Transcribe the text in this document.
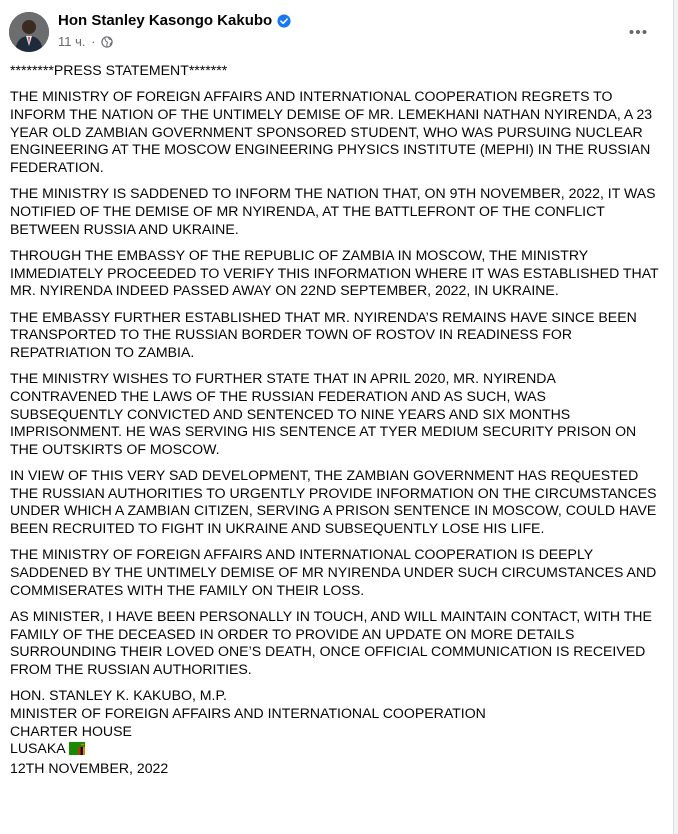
Hon Stanley Kasongo Kakubo
11 ч. ·

********PRESS STATEMENT*******

THE MINISTRY OF FOREIGN AFFAIRS AND INTERNATIONAL COOPERATION REGRETS TO INFORM THE NATION OF THE UNTIMELY DEMISE OF MR. LEMEKHANI NATHAN NYIRENDA, A 23 YEAR OLD ZAMBIAN GOVERNMENT SPONSORED STUDENT, WHO WAS PURSUING NUCLEAR ENGINEERING AT THE MOSCOW ENGINEERING PHYSICS INSTITUTE (MEPHI) IN THE RUSSIAN FEDERATION.

THE MINISTRY IS SADDENED TO INFORM THE NATION THAT, ON 9TH NOVEMBER, 2022, IT WAS NOTIFIED OF THE DEMISE OF MR NYIRENDA, AT THE BATTLEFRONT OF THE CONFLICT BETWEEN RUSSIA AND UKRAINE.

THROUGH THE EMBASSY OF THE REPUBLIC OF ZAMBIA IN MOSCOW, THE MINISTRY IMMEDIATELY PROCEEDED TO VERIFY THIS INFORMATION WHERE IT WAS ESTABLISHED THAT MR. NYIRENDA INDEED PASSED AWAY ON 22ND SEPTEMBER, 2022, IN UKRAINE.

THE EMBASSY FURTHER ESTABLISHED THAT MR. NYIRENDA’S REMAINS HAVE SINCE BEEN TRANSPORTED TO THE RUSSIAN BORDER TOWN OF ROSTOV IN READINESS FOR REPATRIATION TO ZAMBIA.

THE MINISTRY WISHES TO FURTHER STATE THAT IN APRIL 2020, MR. NYIRENDA CONTRAVENED THE LAWS OF THE RUSSIAN FEDERATION AND AS SUCH, WAS SUBSEQUENTLY CONVICTED AND SENTENCED TO NINE YEARS AND SIX MONTHS IMPRISONMENT. HE WAS SERVING HIS SENTENCE AT TYER MEDIUM SECURITY PRISON ON THE OUTSKIRTS OF MOSCOW.

IN VIEW OF THIS VERY SAD DEVELOPMENT, THE ZAMBIAN GOVERNMENT HAS REQUESTED THE RUSSIAN AUTHORITIES TO URGENTLY PROVIDE INFORMATION ON THE CIRCUMSTANCES UNDER WHICH A ZAMBIAN CITIZEN, SERVING A PRISON SENTENCE IN MOSCOW, COULD HAVE BEEN RECRUITED TO FIGHT IN UKRAINE AND SUBSEQUENTLY LOSE HIS LIFE.

THE MINISTRY OF FOREIGN AFFAIRS AND INTERNATIONAL COOPERATION IS DEEPLY SADDENED BY THE UNTIMELY DEMISE OF MR NYIRENDA UNDER SUCH CIRCUMSTANCES AND COMMISERATES WITH THE FAMILY ON THEIR LOSS.

AS MINISTER, I HAVE BEEN PERSONALLY IN TOUCH, AND WILL MAINTAIN CONTACT, WITH THE FAMILY OF THE DECEASED IN ORDER TO PROVIDE AN UPDATE ON MORE DETAILS SURROUNDING THEIR LOVED ONE’S DEATH, ONCE OFFICIAL COMMUNICATION IS RECEIVED FROM THE RUSSIAN AUTHORITIES.

HON. STANLEY K. KAKUBO, M.P.
MINISTER OF FOREIGN AFFAIRS AND INTERNATIONAL COOPERATION
CHARTER HOUSE
LUSAKA
12TH NOVEMBER, 2022
